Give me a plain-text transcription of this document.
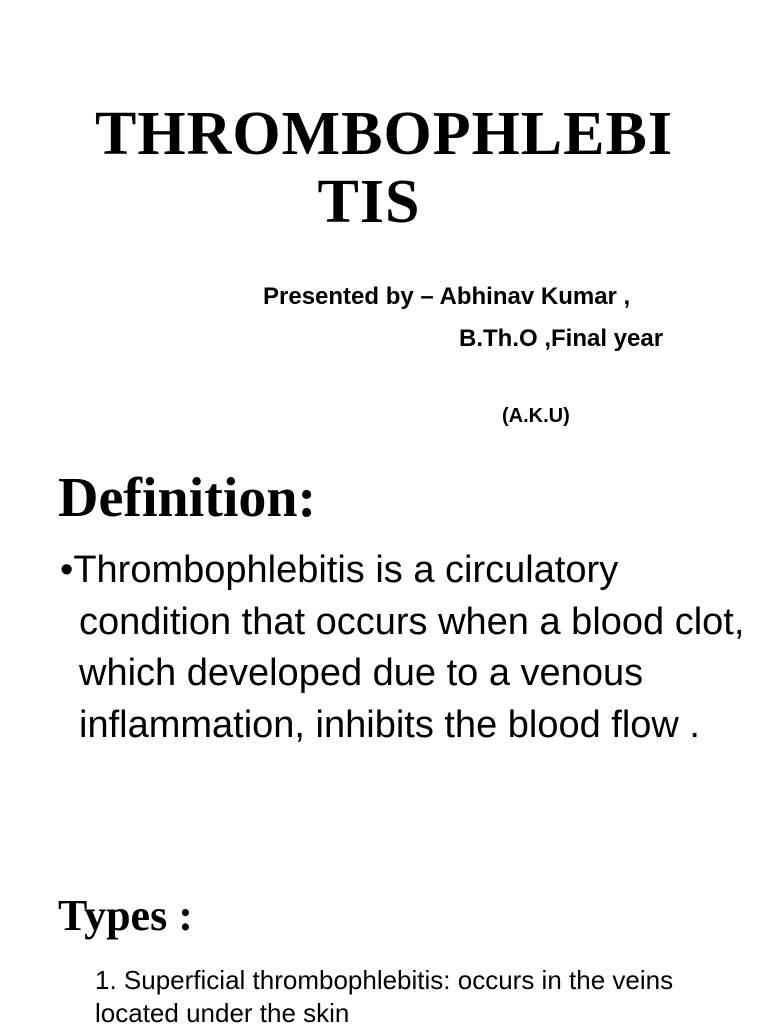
THROMBOPHLEBI
TIS

Presented by – Abhinav Kumar ,

B.Th.O ,Final year

(A.K.U)

Definition:

•Thrombophlebitis is a circulatory condition that occurs when a blood clot, which developed due to a venous inflammation, inhibits the blood flow .

Types :

1. Superficial thrombophlebitis: occurs in the veins located under the skin
